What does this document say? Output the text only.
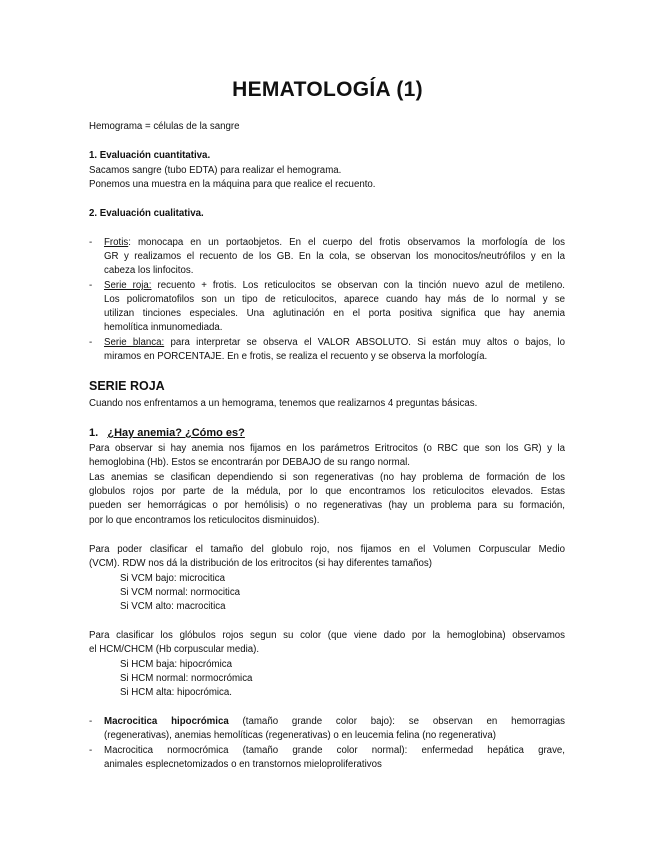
HEMATOLOGÍA (1)
Hemograma = células de la sangre
1. Evaluación cuantitativa.
Sacamos sangre (tubo EDTA) para realizar el hemograma.
Ponemos una muestra en la máquina para que realice el recuento.
2. Evaluación cualitativa.
- Frotis: monocapa en un portaobjetos. En el cuerpo del frotis observamos la morfología de los
GR y realizamos el recuento de los GB. En la cola, se observan los monocitos/neutrófilos y en la
cabeza los linfocitos.
- Serie roja: recuento + frotis. Los reticulocitos se observan con la tinción nuevo azul de metileno.
Los policromatofilos son un tipo de reticulocitos, aparece cuando hay más de lo normal y se
utilizan tinciones especiales. Una aglutinación en el porta positiva significa que hay anemia
hemolítica inmunomediada.
- Serie blanca: para interpretar se observa el VALOR ABSOLUTO. Si están muy altos o bajos, lo
miramos en PORCENTAJE. En e frotis, se realiza el recuento y se observa la morfología.
SERIE ROJA
Cuando nos enfrentamos a un hemograma, tenemos que realizarnos 4 preguntas básicas.
1.   ¿Hay anemia? ¿Cómo es?
Para observar si hay anemia nos fijamos en los parámetros Eritrocitos (o RBC que son los GR) y la
hemoglobina (Hb). Estos se encontrarán por DEBAJO de su rango normal.
Las anemias se clasifican dependiendo si son regenerativas (no hay problema de formación de los
globulos rojos por parte de la médula, por lo que encontramos los reticulocitos elevados. Estas
pueden ser hemorrágicas o por hemólisis) o no regenerativas (hay un problema para su formación,
por lo que encontramos los reticulocitos disminuidos).
Para poder clasificar el tamaño del globulo rojo, nos fijamos en el Volumen Corpuscular Medio
(VCM). RDW nos dá la distribución de los eritrocitos (si hay diferentes tamaños)
Si VCM bajo: microcitica
Si VCM normal: normocitica
Si VCM alto: macrocitica
Para clasificar los glóbulos rojos segun su color (que viene dado por la hemoglobina) observamos
el HCM/CHCM (Hb corpuscular media).
Si HCM baja: hipocrómica
Si HCM normal: normocrómica
Si HCM alta: hipocrómica.
- Macrocitica hipocrómica (tamaño grande color bajo): se observan en hemorragias
(regenerativas), anemias hemolíticas (regenerativas) o en leucemia felina (no regenerativa)
- Macrocitica normocrómica (tamaño grande color normal): enfermedad hepática grave,
animales esplecnetomizados o en transtornos mieloproliferativos
